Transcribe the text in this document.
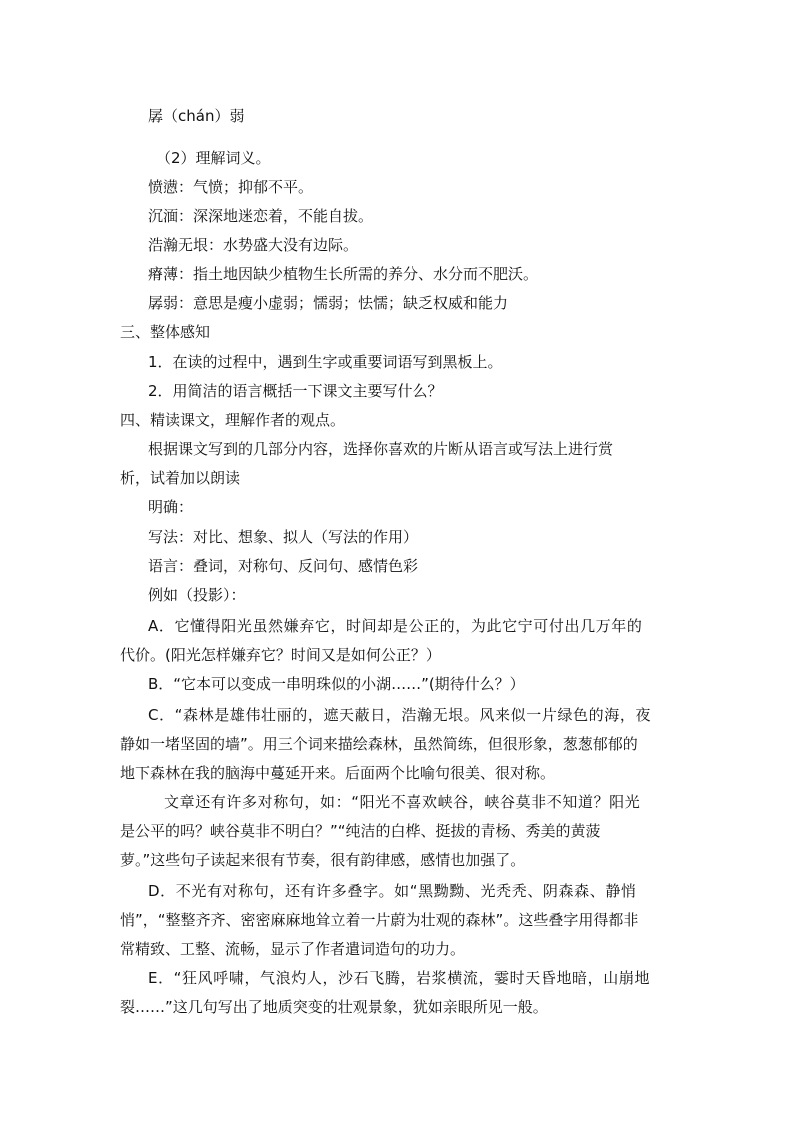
孱（chán）弱
（2）理解词义。
愤懑：气愤；抑郁不平。
沉湎：深深地迷恋着，不能自拔。
浩瀚无垠：水势盛大没有边际。
瘠薄：指土地因缺少植物生长所需的养分、水分而不肥沃。
孱弱：意思是瘦小虚弱；懦弱；怯懦；缺乏权威和能力
三、整体感知
1．在读的过程中，遇到生字或重要词语写到黑板上。
2．用简洁的语言概括一下课文主要写什么？
四、精读课文，理解作者的观点。
根据课文写到的几部分内容，选择你喜欢的片断从语言或写法上进行赏
析，试着加以朗读
明确：
写法：对比、想象、拟人（写法的作用）
语言：叠词，对称句、反问句、感情色彩
例如（投影）：
A．它懂得阳光虽然嫌弃它，时间却是公正的，为此它宁可付出几万年的
代价。(阳光怎样嫌弃它？时间又是如何公正？）
B．“它本可以变成一串明珠似的小湖……”(期待什么？）
C．“森林是雄伟壮丽的，遮天蔽日，浩瀚无垠。风来似一片绿色的海，夜
静如一堵坚固的墙”。用三个词来描绘森林，虽然简练，但很形象，葱葱郁郁的
地下森林在我的脑海中蔓延开来。后面两个比喻句很美、很对称。
文章还有许多对称句，如：“阳光不喜欢峡谷，峡谷莫非不知道？阳光
是公平的吗？峡谷莫非不明白？”“纯洁的白桦、挺拔的青杨、秀美的黄菠
萝。”这些句子读起来很有节奏，很有韵律感，感情也加强了。
D．不光有对称句，还有许多叠字。如“黑黝黝、光秃秃、阴森森、静悄
悄”，“整整齐齐、密密麻麻地耸立着一片蔚为壮观的森林”。这些叠字用得都非
常精致、工整、流畅，显示了作者遣词造句的功力。
E．“狂风呼啸，气浪灼人，沙石飞腾，岩浆横流，霎时天昏地暗，山崩地
裂……”这几句写出了地质突变的壮观景象，犹如亲眼所见一般。
